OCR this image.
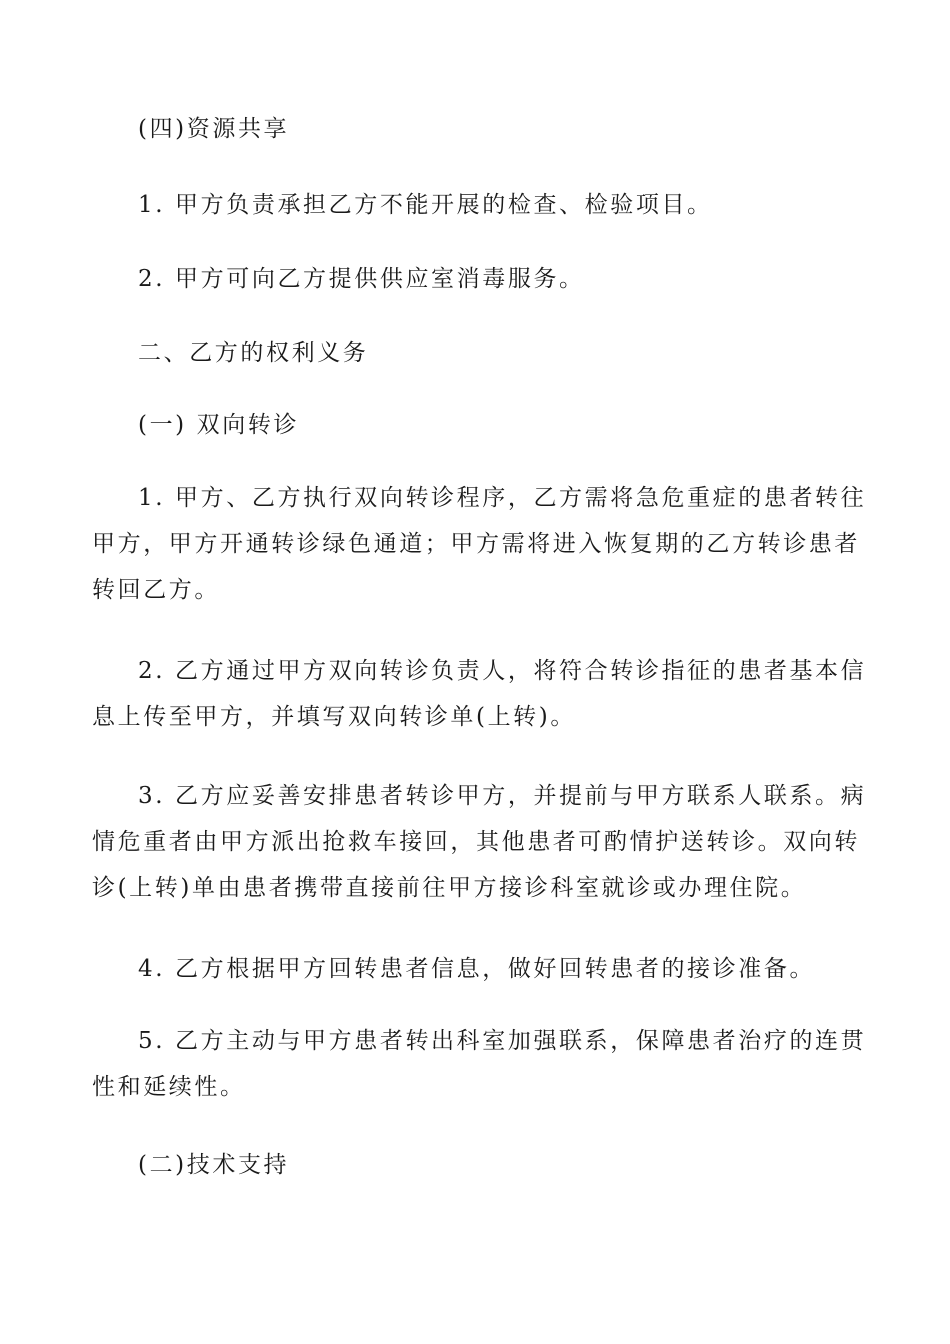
(四)资源共享

1. 甲方负责承担乙方不能开展的检查、检验项目。

2. 甲方可向乙方提供供应室消毒服务。

二、乙方的权利义务

(一) 双向转诊

1. 甲方、乙方执行双向转诊程序，乙方需将急危重症的患者转往
甲方，甲方开通转诊绿色通道；甲方需将进入恢复期的乙方转诊患者
转回乙方。
2. 乙方通过甲方双向转诊负责人，将符合转诊指征的患者基本信
息上传至甲方，并填写双向转诊单(上转)。
3. 乙方应妥善安排患者转诊甲方，并提前与甲方联系人联系。病
情危重者由甲方派出抢救车接回，其他患者可酌情护送转诊。双向转
诊(上转)单由患者携带直接前往甲方接诊科室就诊或办理住院。

4. 乙方根据甲方回转患者信息，做好回转患者的接诊准备。

5. 乙方主动与甲方患者转出科室加强联系，保障患者治疗的连贯
性和延续性。

(二)技术支持
